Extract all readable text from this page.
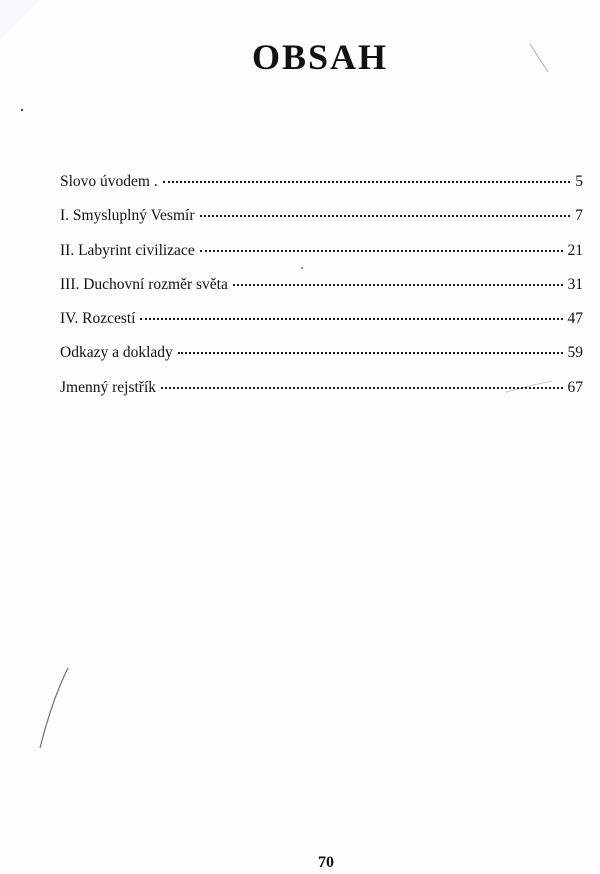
OBSAH
Slovo úvodem .	5
I. Smysluplný Vesmír	7
II. Labyrint civilizace	21
III. Duchovní rozměr světa	31
IV. Rozcestí	47
Odkazy a doklady	59
Jmenný rejstřík	67
70
